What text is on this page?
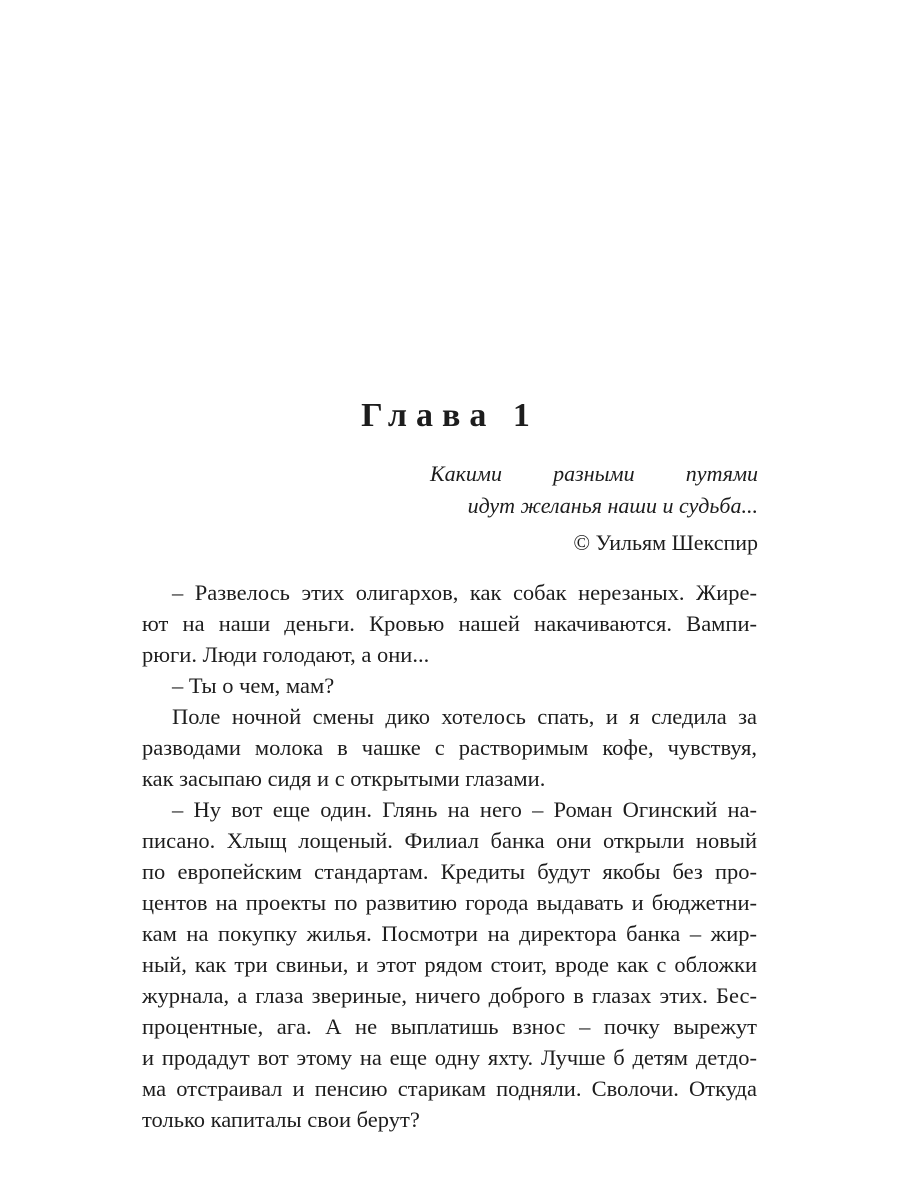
Глава 1
Какими разными путями
идут желанья наши и судьба...
© Уильям Шекспир
– Развелось этих олигархов, как собак нерезаных. Жире-
ют на наши деньги. Кровью нашей накачиваются. Вампи-
рюги. Люди голодают, а они...
– Ты о чем, мам?
Поле ночной смены дико хотелось спать, и я следила за
разводами молока в чашке с растворимым кофе, чувствуя,
как засыпаю сидя и с открытыми глазами.
– Ну вот еще один. Глянь на него – Роман Огинский на-
писано. Хлыщ лощеный. Филиал банка они открыли новый
по европейским стандартам. Кредиты будут якобы без про-
центов на проекты по развитию города выдавать и бюджетни-
кам на покупку жилья. Посмотри на директора банка – жир-
ный, как три свиньи, и этот рядом стоит, вроде как с обложки
журнала, а глаза звериные, ничего доброго в глазах этих. Бес-
процентные, ага. А не выплатишь взнос – почку вырежут
и продадут вот этому на еще одну яхту. Лучше б детям детдо-
ма отстраивал и пенсию старикам подняли. Сволочи. Откуда
только капиталы свои берут?
